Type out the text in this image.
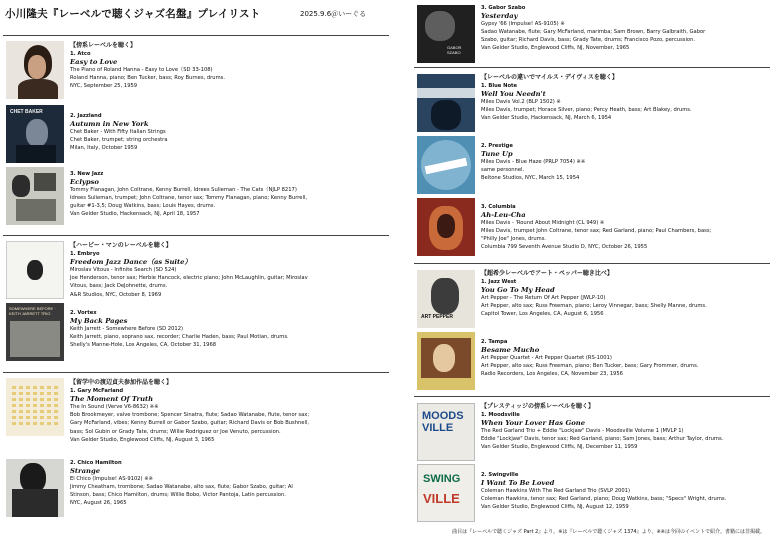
小川隆夫『レーベルで聴くジャズ名盤』プレイリスト	2025.9.6＠いーぐる
【傍系レーベルを聴く】
1. Atco
Easy to Love
The Piano of Roland Hanna - Easy to Love（SD 33-108)
Roland Hanna, piano; Ben Tucker, bass; Roy Burnes, drums.
NYC, September 25, 1959
CHET BAKER
2. Jazzland
Autumn in New York
Chet Baker - With Fifty Italian Strings
Chet Baker, trumpet; string orchestra
Milan, Italy, October 1959
3. New Jazz
Eclypso
Tommy Flanagan, John Coltrane, Kenny Burrell, Idrees Sulieman - The Cats（NJLP 8217)
Idrees Sulieman, trumpet; John Coltrane, tenor sax; Tommy Flanagan, piano; Kenny Burrell,
guitar #1-3,5; Doug Watkins, bass; Louis Hayes, drums.
Van Gelder Studio, Hackensack, NJ, April 18, 1957
【ハービー・マンのレーベルを聴く】
1. Embryo
Freedom Jazz Dance（as Suite）
Miroslav Vitous - Infinite Search (SD 524)
Joe Henderson, tenor sax; Herbie Hancock, electric piano; John McLaughlin, guitar; Miroslav
Vitous, bass; Jack DeJohnette, drums.
A&R Studios, NYC, October 8, 1969
SOMEWHERE BEFORE · KEITH JARRETT TRIO	2. Vortex
My Back Pages
Keith Jarrett - Somewhere Before (SD 2012)
Keith Jarrett, piano, soprano sax, recorder; Charlie Haden, bass; Paul Motian, drums.
Shelly's Manne-Hole, Los Angeles, CA, October 31, 1968
【留学中の渡辺貞夫参加作品を聴く】
1. Gary McFarland
The Moment Of Truth
The In Sound (Verve V6-8632) ※※
Bob Brookmeyer, valve trombone; Spencer Sinatra, flute; Sadao Watanabe, flute, tenor sax;
Gary McFarland, vibes; Kenny Burrell or Gabor Szabo, guitar; Richard Davis or Bob Bushnell,
bass; Sol Gubin or Grady Tate, drums; Willie Rodriguez or Joe Venuto, percussion.
Van Gelder Studio, Englewood Cliffs, NJ, August 3, 1965
2. Chico Hamilton
Strange
El Chico (Impulse! AS-9102) ※※
Jimmy Cheatham, trombone; Sadao Watanabe, alto sax, flute; Gabor Szabo, guitar; Al
Stinson, bass; Chico Hamilton, drums; Willie Bobo, Victor Pantoja, Latin percussion.
NYC, August 26, 1965
GABOR SZABO
3. Gabor Szabo
Yesterday
Gypsy '66 (Impulse! AS-9105) ※
Sadao Watanabe, flute; Gary McFarland, marimba; Sam Brown, Barry Galbraith, Gabor
Szabo, guitar; Richard Davis, bass; Grady Tate, drums; Francisco Pozo, percussion.
Van Gelder Studio, Englewood Cliffs, NJ, November, 1965
【レーベルの違いでマイルス・デイヴィスを聴く】
1. Blue Note
Well You Needn't
Miles Davis Vol.2 (BLP 1502) ※
Miles Davis, trumpet; Horace Silver, piano; Percy Heath, bass; Art Blakey, drums.
Van Gelder Studio, Hackensack, NJ, March 6, 1954
2. Prestige
Tune Up
Miles Davis - Blue Haze (PRLP 7054) ※※
same personnel.
Beltone Studios, NYC, March 15, 1954
3. Columbia
Ah-Leu-Cha
Miles Davis - 'Round About Midnight (CL 949) ※
Miles Davis, trumpet John Coltrane, tenor sax; Red Garland, piano; Paul Chambers, bass;
"Philly Joe" Jones, drums.
Columbia 799 Seventh Avenue Studio D, NYC, October 26, 1955
ART PEPPER
【超希少レーベルでアート・ペッパー聴き比べ】
1. Jazz West
You Go To My Head
Art Pepper - The Return Of Art Pepper (JWLP-10)
Art Pepper, alto sax; Russ Freeman, piano; Leroy Vinnegar, bass; Shelly Manne, drums.
Capitol Tower, Los Angeles, CA, August 6, 1956
2. Tampa
Besame Mucho
Art Pepper Quartet - Art Pepper Quartet (RS-1001)
Art Pepper, alto sax; Russ Freeman, piano; Ben Tucker, bass; Gary Frommer, drums.
Radio Recorders, Los Angeles, CA, November 23, 1956
MOODS VILLE
【プレスティッジの傍系レーベルを聴く】
1. Moodsville
When Your Lover Has Gone
The Red Garland Trio + Eddie "Lockjaw" Davis - Moodsville Volume 1 (MVLP 1)
Eddie "Lockjaw" Davis, tenor sax; Red Garland, piano; Sam Jones, bass; Arthur Taylor, drums.
Van Gelder Studio, Englewood Cliffs, NJ, December 11, 1959
SWING
VILLE
2. Swingville
I Want To Be Loved
Coleman Hawkins With The Red Garland Trio (SVLP 2001)
Coleman Hawkins, tenor sax; Red Garland, piano; Doug Watkins, bass; "Specs" Wright, drums.
Van Gelder Studio, Englewood Cliffs, NJ, August 12, 1959
曲目は『レーベルで聴くジャズ Part 2』より。※は『レーベルで聴くジャズ 1374』より。※※は今回のイベントで紹介。書籍には非掲載。
